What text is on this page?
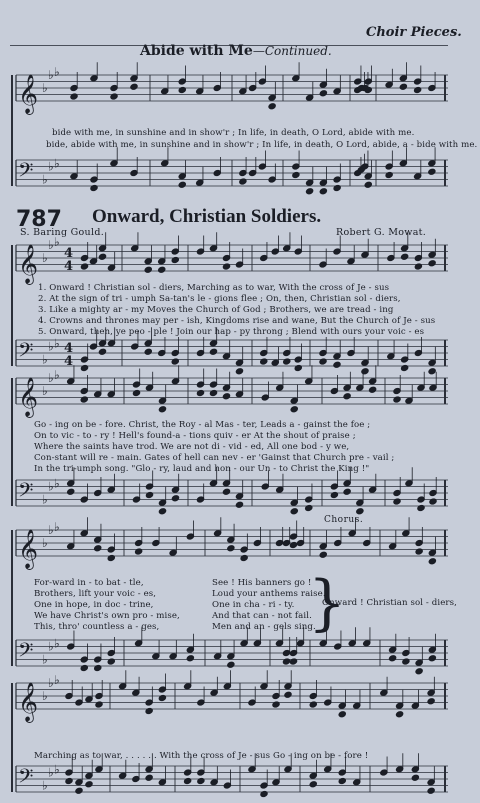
Choir Pieces.
Abide with Me—Continued.
bide with me, in sunshine and in show'r ; In life, in death, O Lord, abide with me.
bide, abide with me, in sunshine and in show'r ; In life, in death, O Lord, abide, a - bide with me.
787 Onward, Christian Soldiers.
S. Baring Gould.	Robert G. Mowat.
1. Onward ! Christian sol - diers, Marching as to war, With the cross of Je - sus
2. At the sign of tri - umph Sa-tan's le - gions flee ; On, then, Christian sol - diers,
3. Like a mighty ar - my Moves the Church of God ; Brothers, we are tread - ing
4. Crowns and thrones may per - ish, Kingdoms rise and wane, But the Church of Je - sus
5. Onward, then, ye peo - ple ! Join our hap - py throng ; Blend with ours your voic - es
Go - ing on be - fore. Christ, the Roy - al Mas - ter, Leads a - gainst the foe ;
On to vic - to - ry ! Hell's found-a - tions quiv - er At the shout of praise ;
Where the saints have trod. We are not di - vid - ed, All one bod - y we,
Con-stant will re - main. Gates of hell can nev - er 'Gainst that Church pre - vail ;
In the tri-umph song. "Glo - ry, laud and hon - our Un - to Christ the King !"
Chorus.
For-ward in - to bat - tle,
Brothers, lift your voic - es,
One in hope, in doc - trine,
We have Christ's own pro - mise,
This, thro' countless a - ges,
See ! His banners go !
Loud your anthems raise.
One in cha - ri - ty.
And that can - not fail.
Men and an - gels sing.
}
Onward ! Christian sol - diers,
Marching as to war, . . . . . . With the cross of Je - sus Go - ing on be - fore !
𝄞 ♭
♭ ♭
𝄢 ♭
♭ ♭
𝄞 ♭
♭ ♭
4
4
𝄢 ♭
♭ ♭ 4
4
𝄞 ♭
♭ ♭
𝄢 ♭
♭ ♭
𝄞 ♭
♭ ♭
𝄢 ♭
♭ ♭
𝄞 ♭
♭ ♭
𝄢 ♭
♭ ♭
